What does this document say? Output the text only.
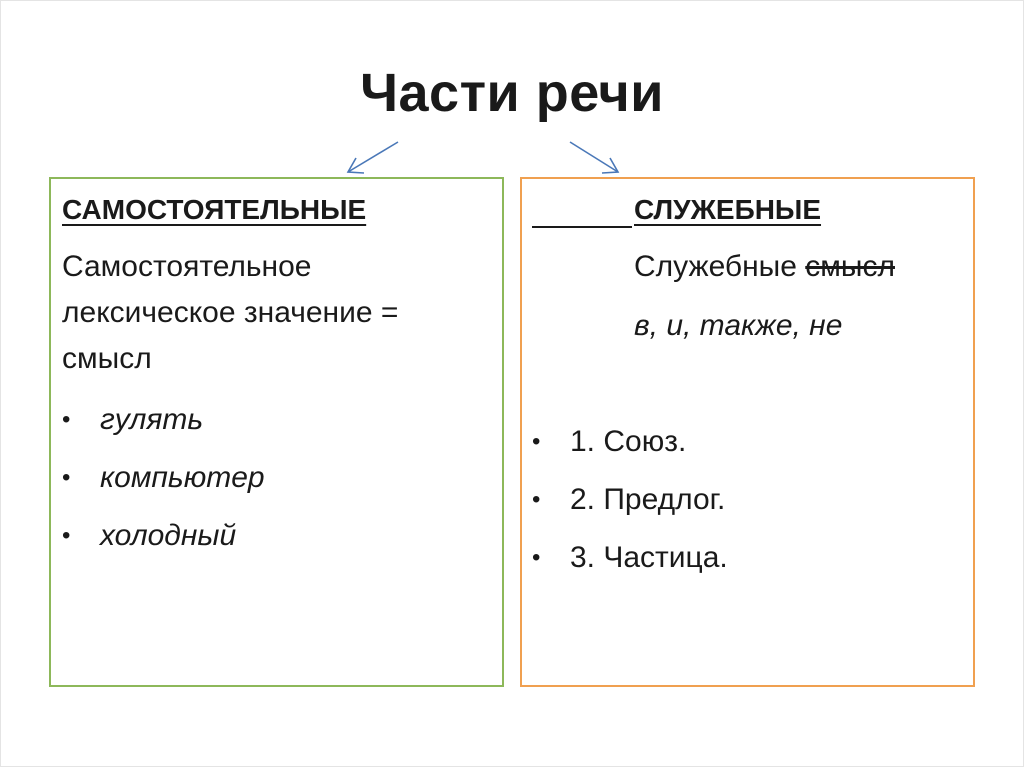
Части речи
САМОСТОЯТЕЛЬНЫЕ
Самостоятельное
лексическое значение =
смысл
• гулять
• компьютер
• холодный
СЛУЖЕБНЫЕ
Служебные смысл
в, и, также, не
• 1. Союз.
• 2. Предлог.
• 3. Частица.
